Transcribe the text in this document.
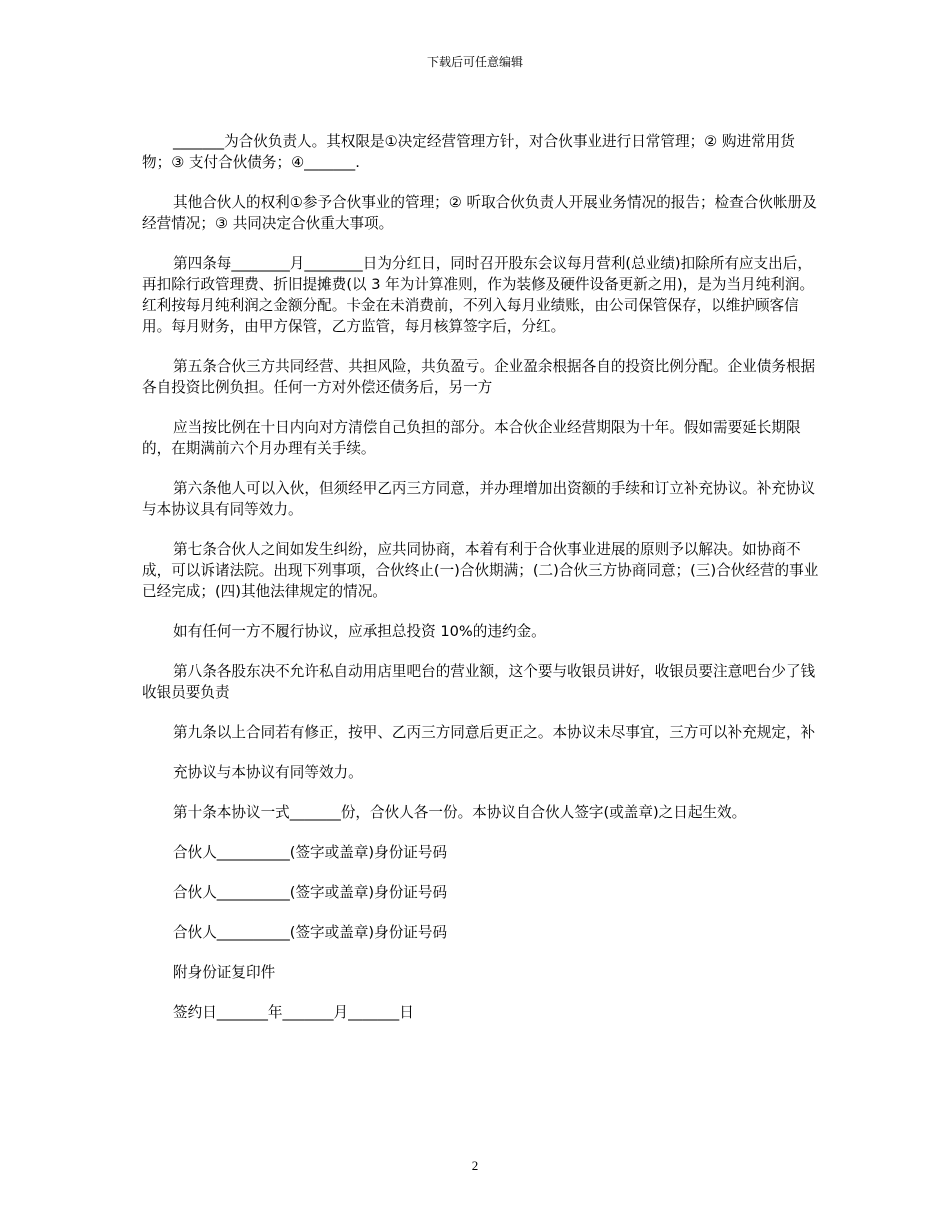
下载后可任意编辑

_______为合伙负责人。其权限是①决定经营管理方针，对合伙事业进行日常管理；② 购进常用货物；③ 支付合伙债务；④_______.

其他合伙人的权利①参予合伙事业的管理；② 听取合伙负责人开展业务情况的报告；检查合伙帐册及经营情况；③ 共同决定合伙重大事项。

第四条每________月________日为分红日，同时召开股东会议每月营利(总业绩)扣除所有应支出后，再扣除行政管理费、折旧提摊费(以 3 年为计算准则，作为装修及硬件设备更新之用)，是为当月纯利润。红利按每月纯利润之金额分配。卡金在未消费前，不列入每月业绩账，由公司保管保存，以维护顾客信用。每月财务，由甲方保管，乙方监管，每月核算签字后，分红。

第五条合伙三方共同经营、共担风险，共负盈亏。企业盈余根据各自的投资比例分配。企业债务根据各自投资比例负担。任何一方对外偿还债务后，另一方

应当按比例在十日内向对方清偿自己负担的部分。本合伙企业经营期限为十年。假如需要延长期限的，在期满前六个月办理有关手续。

第六条他人可以入伙，但须经甲乙丙三方同意，并办理增加出资额的手续和订立补充协议。补充协议与本协议具有同等效力。

第七条合伙人之间如发生纠纷，应共同协商，本着有利于合伙事业进展的原则予以解决。如协商不成，可以诉诸法院。出现下列事项，合伙终止(一)合伙期满；(二)合伙三方协商同意；(三)合伙经营的事业已经完成；(四)其他法律规定的情况。

如有任何一方不履行协议，应承担总投资 10%的违约金。

第八条各股东决不允许私自动用店里吧台的营业额，这个要与收银员讲好，收银员要注意吧台少了钱收银员要负责

第九条以上合同若有修正，按甲、乙丙三方同意后更正之。本协议未尽事宜，三方可以补充规定，补

充协议与本协议有同等效力。

第十条本协议一式_______份，合伙人各一份。本协议自合伙人签字(或盖章)之日起生效。

合伙人__________(签字或盖章)身份证号码

合伙人__________(签字或盖章)身份证号码

合伙人__________(签字或盖章)身份证号码

附身份证复印件

签约日_______年_______月_______日

2
